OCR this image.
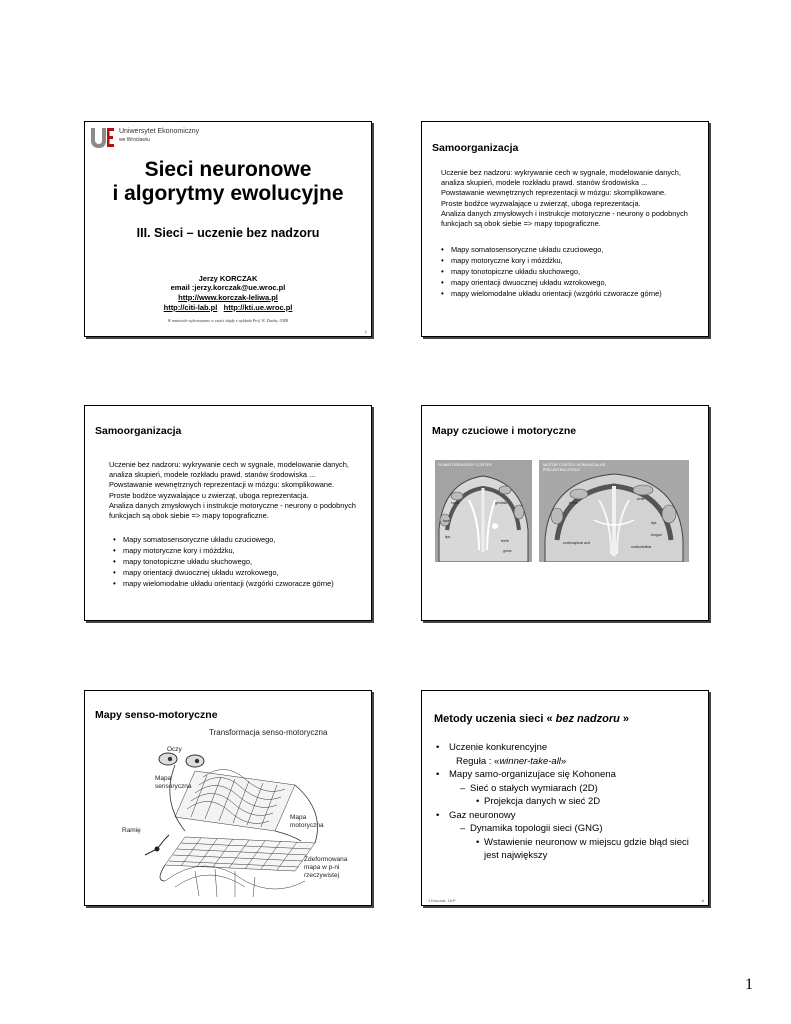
Uniwersytet Ekonomiczny
we Wrocławiu
Sieci neuronowe
i algorytmy ewolucyjne
III. Sieci – uczenie bez nadzoru
Jerzy KORCZAK
email :jerzy.korczak@ue.wroc.pl
http://www.korczak-leliwa.pl
http://citi-lab.pl http://kti.ue.wroc.pl
W materiale wykorzystano w części slajdy z wykładu Prof. W. Ducha, UMK
1
Samoorganizacja

Uczenie bez nadzoru: wykrywanie cech w sygnale, modelowanie danych, analiza skupień, modele rozkładu prawd. stanów środowiska ...

Powstawanie wewnętrznych reprezentacji w mózgu: skomplikowane.

Proste bodźce wyzwalające u zwierząt, uboga reprezentacja.

Analiza danych zmysłowych i instrukcje motoryczne - neurony o podobnych funkcjach są obok siebie => mapy topograficzne.

• Mapy somatosensoryczne układu czuciowego,
• mapy motoryczne kory i móżdżku,
• mapy tonotopiczne układu słuchowego,
• mapy orientacji dwuocznej układu wzrokowego,
• mapy wielomodalne układu orientacji (wzgórki czworacze górne)
Samoorganizacja

Uczenie bez nadzoru: wykrywanie cech w sygnale, modelowanie danych, analiza skupień, modele rozkładu prawd. stanów środowiska ...

Powstawanie wewnętrznych reprezentacji w mózgu: skomplikowane.

Proste bodźce wyzwalające u zwierząt, uboga reprezentacja.

Analiza danych zmysłowych i instrukcje motoryczne - neurony o podobnych funkcjach są obok siebie => mapy topograficzne.

• Mapy somatosensoryczne układu czuciowego,
• mapy motoryczne kory i móżdżku,
• mapy tonotopiczne układu słuchowego,
• mapy orientacji dwuocznej układu wzrokowego,
• mapy wielomodalne układu orientacji (wzgórki czworacze górne)
Mapy czuciowe i motoryczne
hand	genitals
face
teeth
lips
gums
SOMATOSENSORY CORTEX
trunk
wrist
lips
tongue
corticospinal and
corticobulbar
MOTOR CORTEX HOMUNCULUS
PRECENTRAL GYRUS
Mapy senso-motoryczne
Transformacja senso-motoryczna
Oczy
Mapa
sensoryczna
Ramię
Mapa
motoryczna
Zdeformowana
mapa w p-ni
rzeczywistej
Metody uczenia sieci « bez nadzoru »
• Uczenie konkurencyjne
Reguła : «winner-take-all»
• Mapy samo-organizujace się Kohonena
– Sieć o stałych wymiarach (2D)
• Projekcja danych w sieć 2D
• Gaz neuronowy
– Dynamika topologii sieci (GNG)
• Wstawienie neuronow w miejscu gdzie błąd sieci jest największy
J.Korczak, ULP	6
1
